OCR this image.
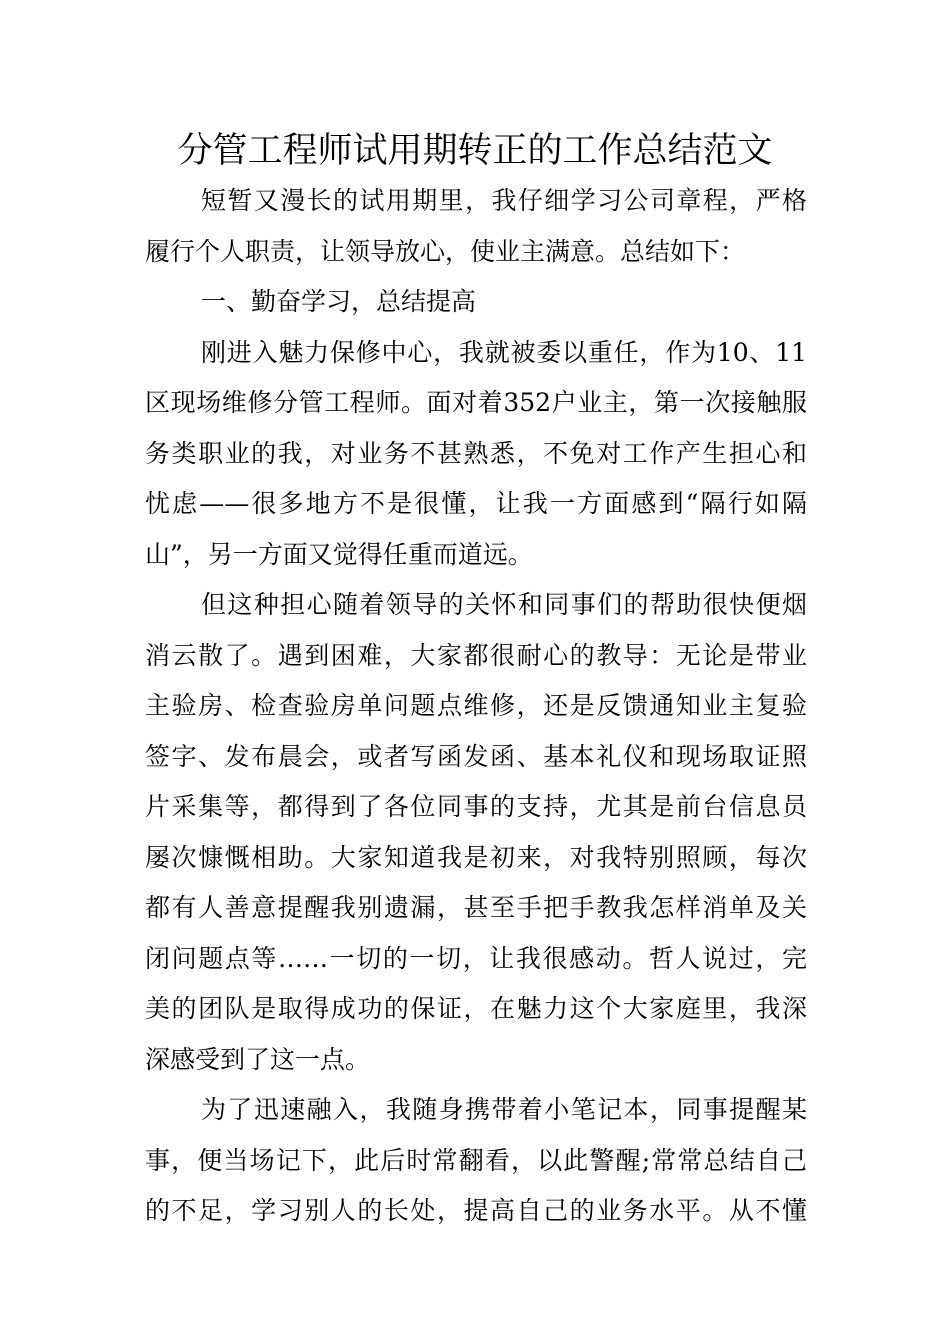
分管工程师试用期转正的工作总结范文
短暂又漫长的试用期里，我仔细学习公司章程，严格
履行个人职责，让领导放心，使业主满意。总结如下：
一、勤奋学习，总结提高
刚进入魅力保修中心，我就被委以重任，作为10、11
区现场维修分管工程师。面对着352户业主，第一次接触服
务类职业的我，对业务不甚熟悉，不免对工作产生担心和
忧虑——很多地方不是很懂，让我一方面感到“隔行如隔
山”，另一方面又觉得任重而道远。
但这种担心随着领导的关怀和同事们的帮助很快便烟
消云散了。遇到困难，大家都很耐心的教导：无论是带业
主验房、检查验房单问题点维修，还是反馈通知业主复验
签字、发布晨会，或者写函发函、基本礼仪和现场取证照
片采集等，都得到了各位同事的支持，尤其是前台信息员
屡次慷慨相助。大家知道我是初来，对我特别照顾，每次
都有人善意提醒我别遗漏，甚至手把手教我怎样消单及关
闭问题点等……一切的一切，让我很感动。哲人说过，完
美的团队是取得成功的保证，在魅力这个大家庭里，我深
深感受到了这一点。
为了迅速融入，我随身携带着小笔记本，同事提醒某
事，便当场记下，此后时常翻看，以此警醒;常常总结自己
的不足，学习别人的长处，提高自己的业务水平。从不懂
